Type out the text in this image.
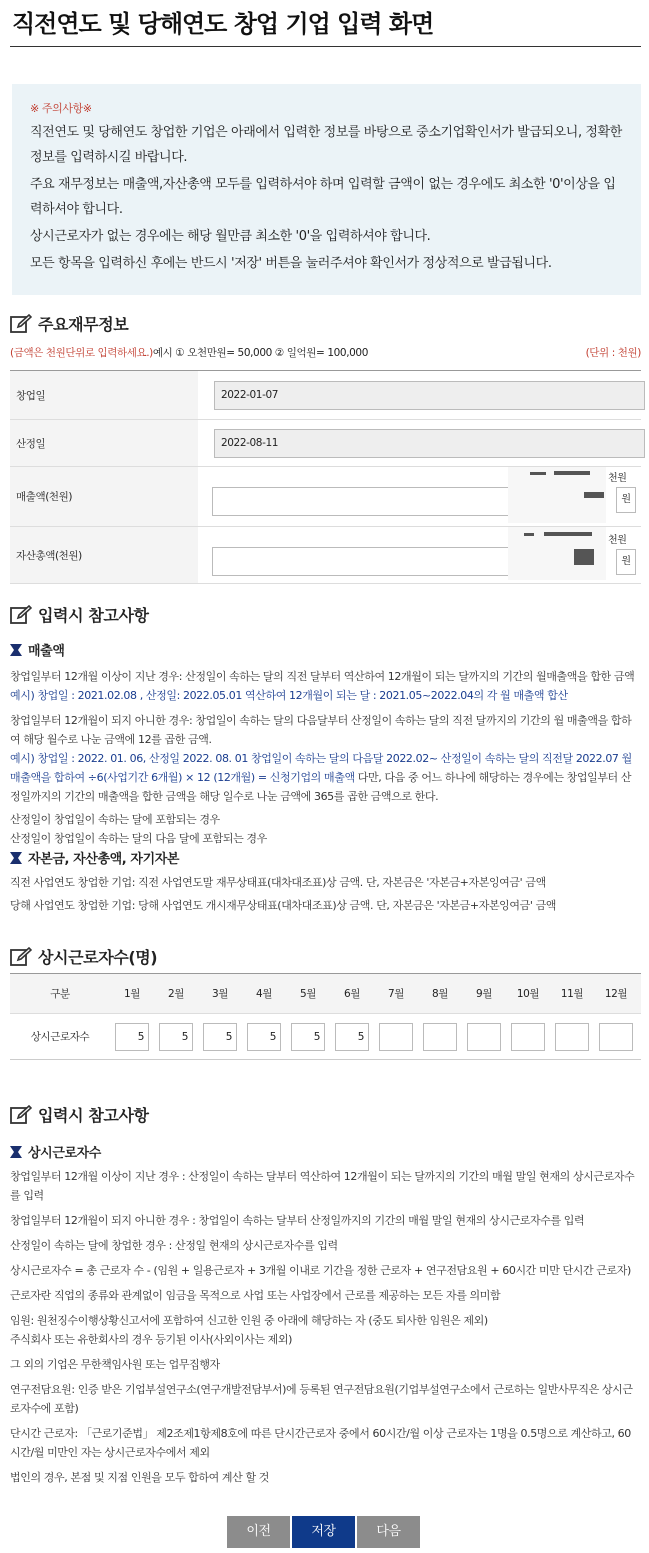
직전연도 및 당해연도 창업 기업 입력 화면
※ 주의사항※

직전연도 및 당해연도 창업한 기업은 아래에서 입력한 정보를 바탕으로 중소기업확인서가 발급되오니, 정확한 정보를 입력하시길 바랍니다.

주요 재무정보는 매출액,자산총액 모두를 입력하셔야 하며 입력할 금액이 없는 경우에도 최소한 '0'이상을 입력하셔야 합니다.

상시근로자가 없는 경우에는 해당 월만큼 최소한 '0'을 입력하셔야 합니다.

모든 항목을 입력하신 후에는 반드시 '저장' 버튼을 눌러주셔야 확인서가 정상적으로 발급됩니다.

주요재무정보
(금액은 천원단위로 입력하세요.)예시 ① 오천만원= 50,000 ② 일억원= 100,000	(단위 : 천원)
창업일	2022-01-07
산정일	2022-08-11
매출액(천원)
천원
원
자산총액(천원)
천원
원
입력시 참고사항
매출액

창업일부터 12개월 이상이 지난 경우: 산정일이 속하는 달의 직전 달부터 역산하여 12개월이 되는 달까지의 기간의 월매출액을 합한 금액

예시) 창업일 : 2021.02.08 , 산정일: 2022.05.01 역산하여 12개월이 되는 달 : 2021.05~2022.04의 각 월 매출액 합산

창업일부터 12개월이 되지 아니한 경우: 창업일이 속하는 달의 다음달부터 산정일이 속하는 달의 직전 달까지의 기간의 월 매출액을 합하여 해당 월수로 나눈 금액에 12를 곱한 금액.

예시) 창업일 : 2022. 01. 06, 산정일 2022. 08. 01 창업일이 속하는 달의 다음달 2022.02~ 산정일이 속하는 달의 직전달 2022.07 월 매출액을 합하여 ÷6(사업기간 6개월) × 12 (12개월) = 신청기업의 매출액 다만, 다음 중 어느 하나에 해당하는 경우에는 창업일부터 산정일까지의 기간의 매출액을 합한 금액을 해당 일수로 나눈 금액에 365를 곱한 금액으로 한다.

산정일이 창업일이 속하는 달에 포함되는 경우

산정일이 창업일이 속하는 달의 다음 달에 포함되는 경우

자본금, 자산총액, 자기자본

직전 사업연도 창업한 기업: 직전 사업연도말 재무상태표(대차대조표)상 금액. 단, 자본금은 '자본금+자본잉여금' 금액

당해 사업연도 창업한 기업: 당해 사업연도 개시재무상태표(대차대조표)상 금액. 단, 자본금은 '자본금+자본잉여금' 금액

상시근로자수(명)
구분	1월	2월	3월	4월	5월	6월	7월	8월	9월	10월	11월	12월
상시근로자수	5	5	5	5	5	5
입력시 참고사항
상시근로자수

창업일부터 12개월 이상이 지난 경우 : 산정일이 속하는 달부터 역산하여 12개월이 되는 달까지의 기간의 매월 말일 현재의 상시근로자수를 입력

창업일부터 12개월이 되지 아니한 경우 : 창업일이 속하는 달부터 산정일까지의 기간의 매월 말일 현재의 상시근로자수를 입력

산정일이 속하는 달에 창업한 경우 : 산정일 현재의 상시근로자수를 입력

상시근로자수 = 총 근로자 수 - (임원 + 일용근로자 + 3개월 이내로 기간을 정한 근로자 + 연구전담요원 + 60시간 미만 단시간 근로자)

근로자란 직업의 종류와 관계없이 임금을 목적으로 사업 또는 사업장에서 근로를 제공하는 모든 자를 의미함

임원: 원천징수이행상황신고서에 포함하여 신고한 인원 중 아래에 해당하는 자 (중도 퇴사한 임원은 제외)
주식회사 또는 유한회사의 경우 등기된 이사(사외이사는 제외)

그 외의 기업은 무한책임사원 또는 업무집행자

연구전담요원: 인증 받은 기업부설연구소(연구개발전담부서)에 등록된 연구전담요원(기업부설연구소에서 근로하는 일반사무직은 상시근로자수에 포함)

단시간 근로자: 「근로기준법」 제2조제1항제8호에 따른 단시간근로자 중에서 60시간/월 이상 근로자는 1명을 0.5명으로 계산하고, 60시간/월 미만인 자는 상시근로자수에서 제외

법인의 경우, 본점 및 지점 인원을 모두 합하여 계산 할 것

이전	저장	다음
